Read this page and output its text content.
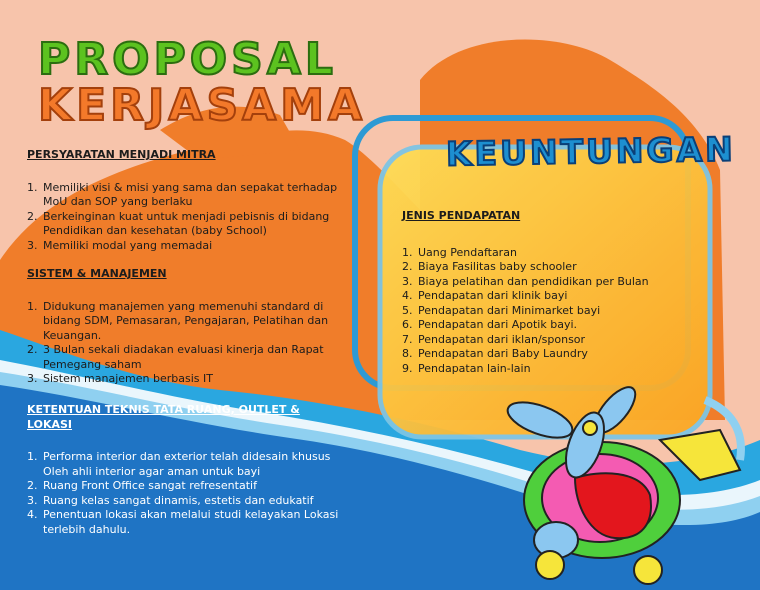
PROPOSAL
KERJASAMA
KEUNTUNGAN

PERSYARATAN MENJADI MITRA

1. Memiliki visi & misi yang sama dan sepakat terhadap MoU dan SOP yang berlaku
2. Berkeinginan kuat untuk menjadi pebisnis di bidang Pendidikan dan kesehatan (baby School)
3. Memiliki modal yang memadai

SISTEM & MANAJEMEN

1. Didukung manajemen yang memenuhi standard di bidang SDM, Pemasaran, Pengajaran, Pelatihan dan Keuangan.
2. 3 Bulan sekali diadakan evaluasi kinerja dan Rapat Pemegang saham
3. Sistem manajemen berbasis IT

KETENTUAN TEKNIS TATA RUANG, OUTLET & LOKASI

1. Performa interior dan exterior telah didesain khusus Oleh ahli interior agar aman untuk bayi
2. Ruang Front Office sangat refresentatif
3. Ruang kelas sangat dinamis, estetis dan edukatif
4. Penentuan lokasi akan melalui studi kelayakan Lokasi terlebih dahulu.

JENIS PENDAPATAN

1. Uang Pendaftaran
2. Biaya Fasilitas baby schooler
3. Biaya pelatihan dan pendidikan per Bulan
4. Pendapatan dari klinik bayi
5. Pendapatan dari Minimarket bayi
6. Pendapatan dari Apotik bayi.
7. Pendapatan dari iklan/sponsor
8. Pendapatan dari Baby Laundry
9. Pendapatan lain-lain
